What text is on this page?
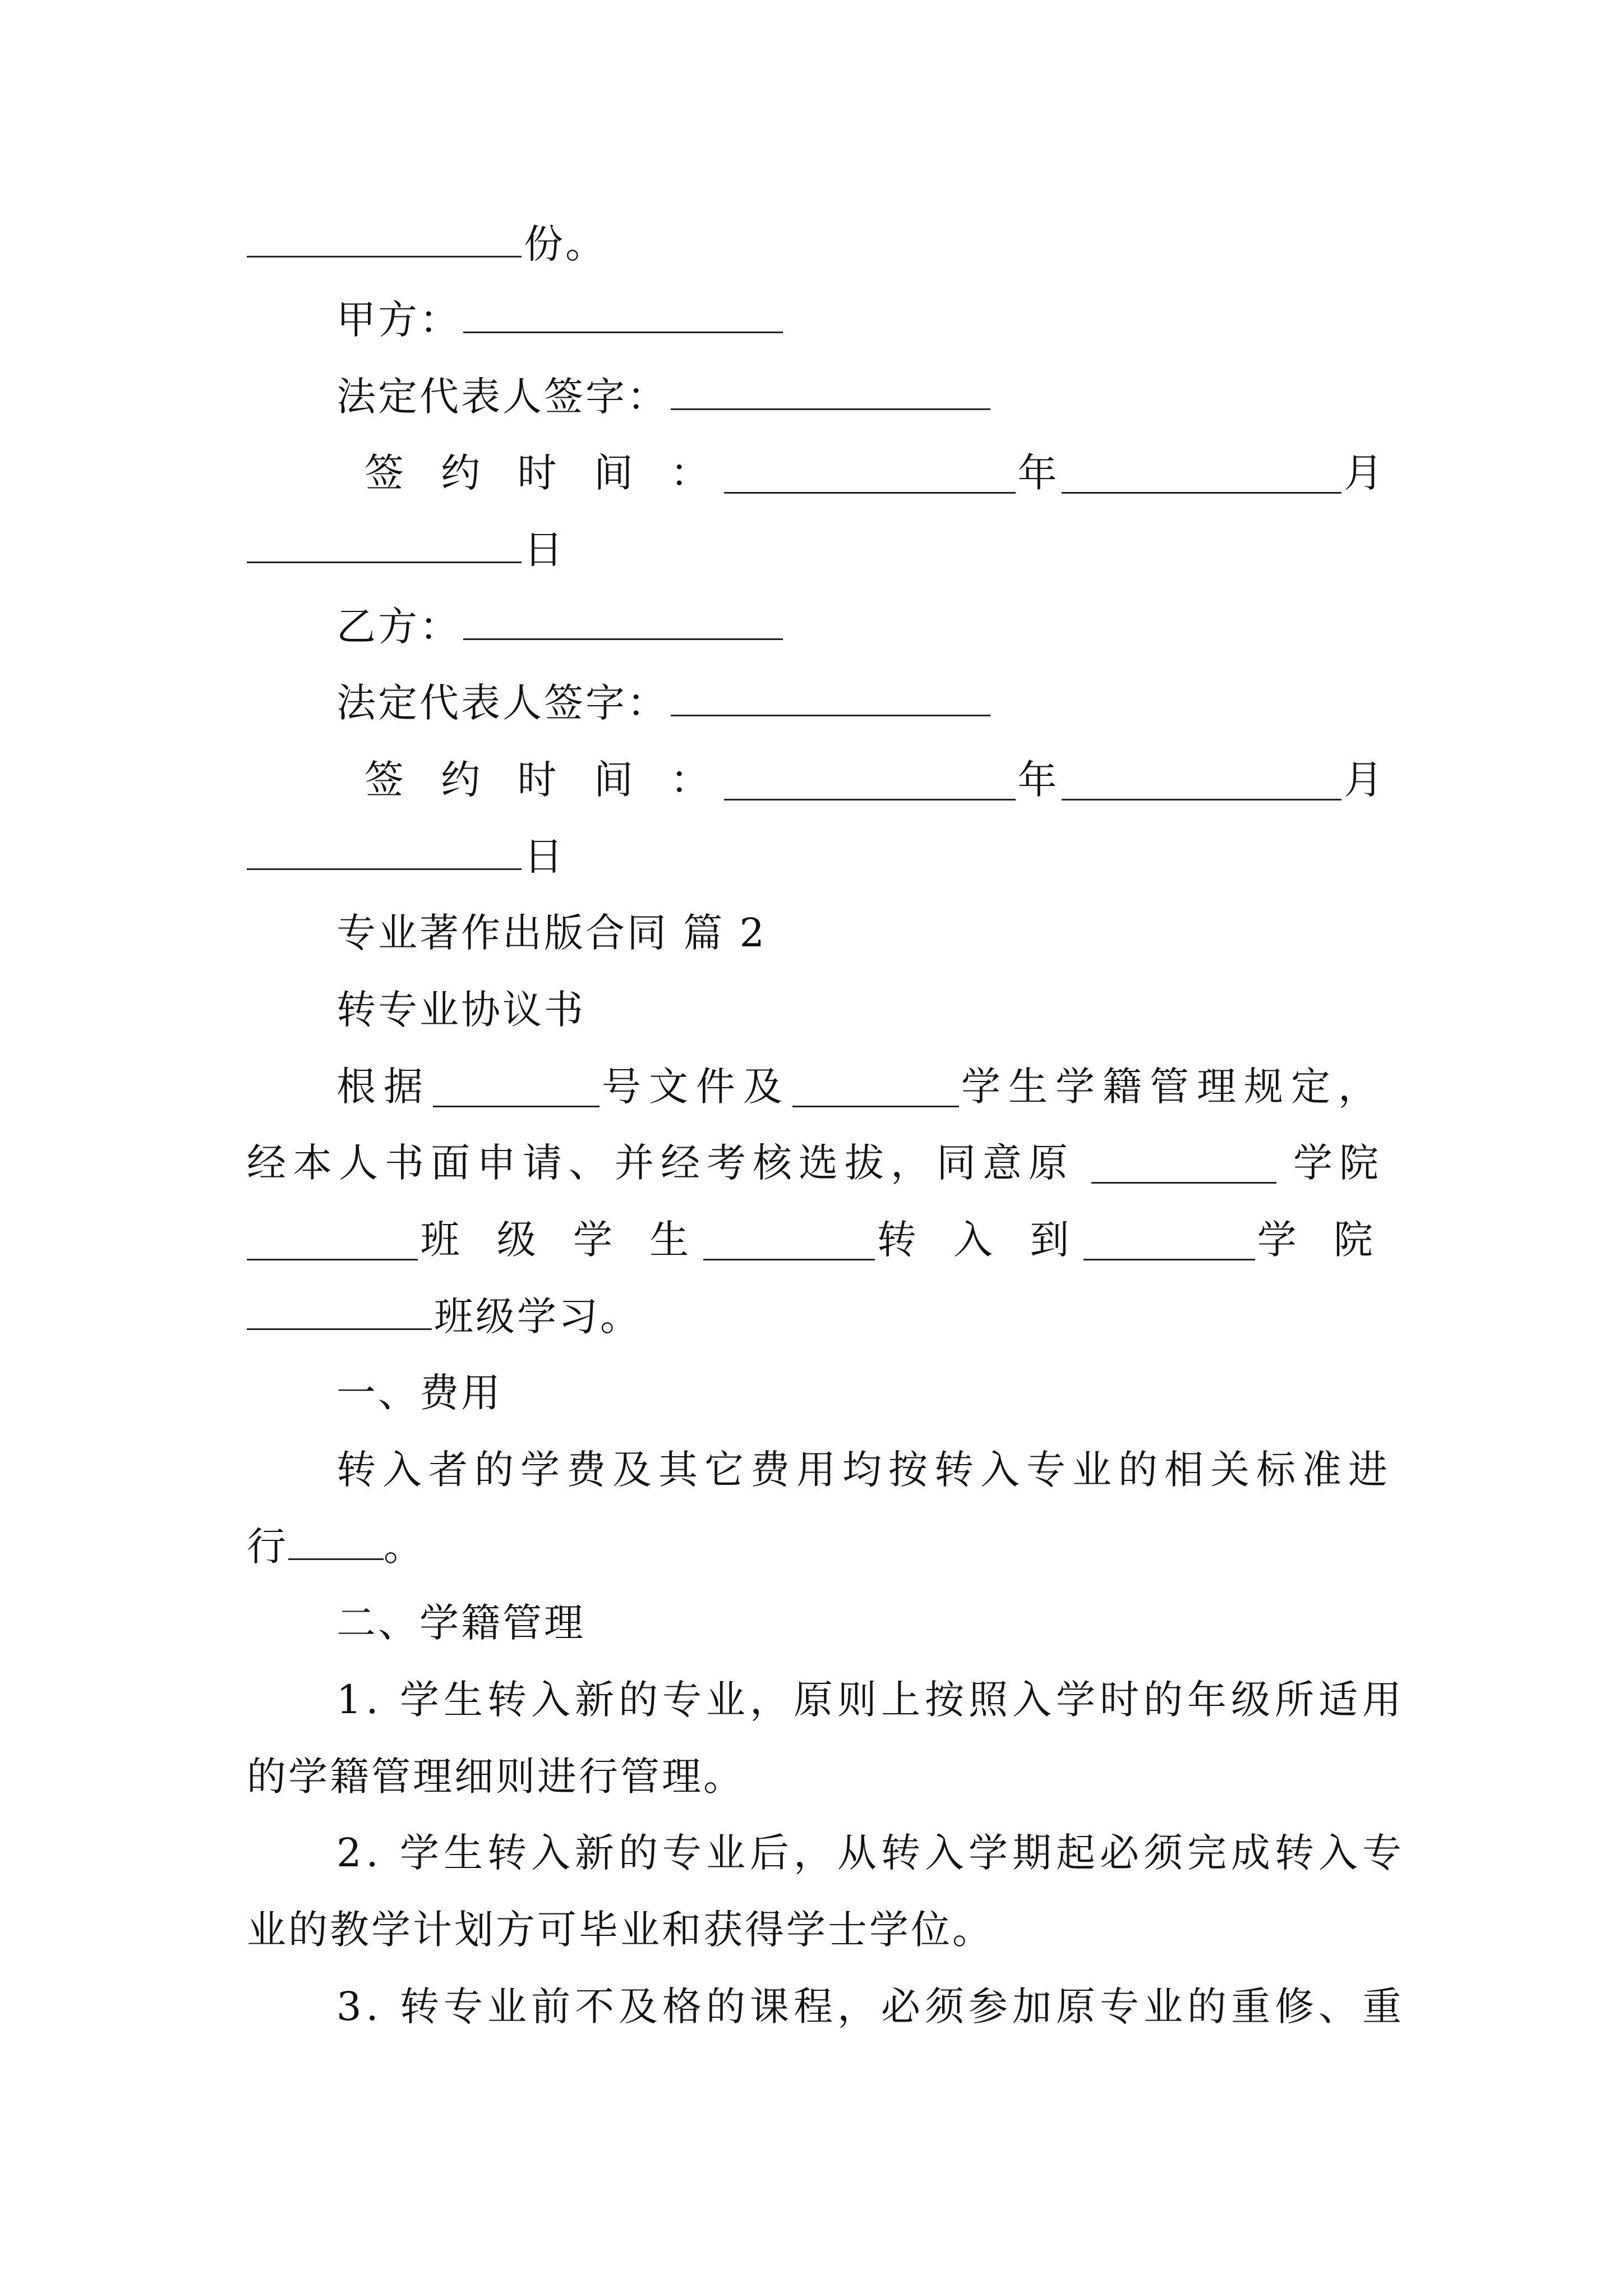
份。
甲方：
法定代表人签字：
签 约 时 间 ：	年	月
日
乙方：
法定代表人签字：
签 约 时 间 ：	年	月
日
专业著作出版合同 篇 2
转专业协议书
根据	号文件及	学生学籍管理规定，
经本人书面申请、并经考核选拔，同意原	学院
班 级 学 生	转 入 到	学 院
班级学习。
一、费用
转入者的学费及其它费用均按转入专业的相关标准进
行 。
二、学籍管理
1. 学生转入新的专业，原则上按照入学时的年级所适用
的学籍管理细则进行管理。
2. 学生转入新的专业后，从转入学期起必须完成转入专
业的教学计划方可毕业和获得学士学位。
3. 转专业前不及格的课程，必须参加原专业的重修、重
